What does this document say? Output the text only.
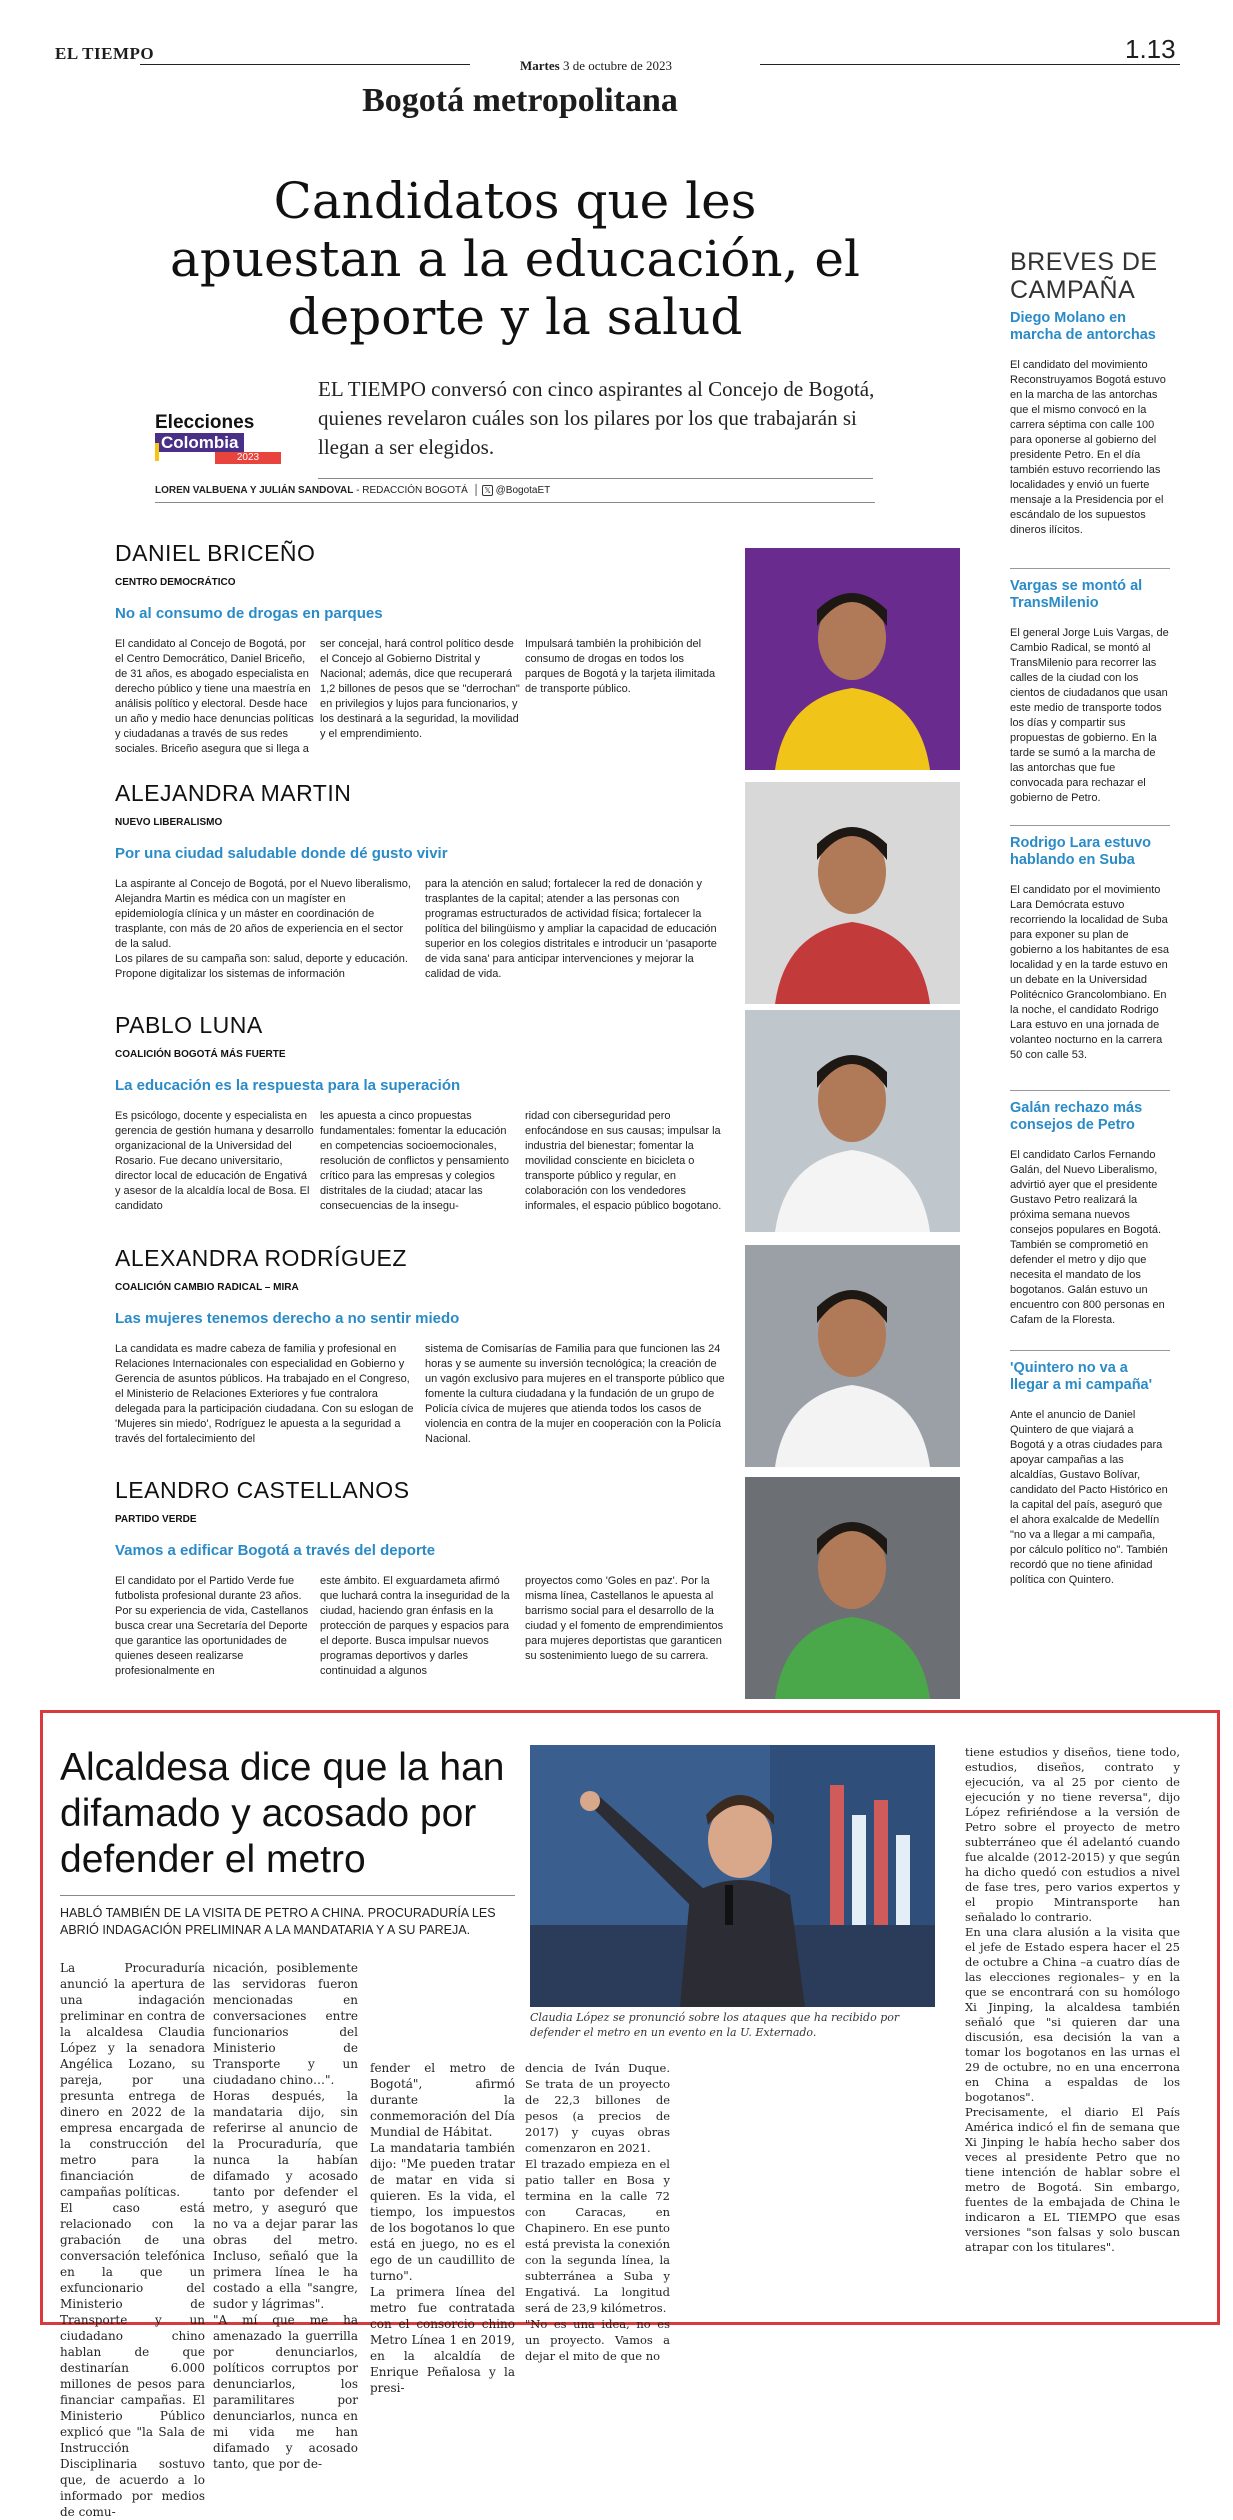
EL TIEMPO
Martes 3 de octubre de 2023
1.13
Bogotá metropolitana
Candidatos que les apuestan a la educación, el deporte y la salud
Elecciones
Colombia
2023
EL TIEMPO conversó con cinco aspirantes al Concejo de Bogotá, quienes revelaron cuáles son los pilares por los que trabajarán si llegan a ser elegidos.
LOREN VALBUENA Y JULIÁN SANDOVAL - REDACCIÓN BOGOTÁ  │ 𝕏 @BogotaET
DANIEL BRICEÑO
CENTRO DEMOCRÁTICO
No al consumo de drogas en parques
El candidato al Concejo de Bogotá, por el Centro Democrático, Daniel Briceño, de 31 años, es abogado especialista en derecho público y tiene una maestría en análisis político y electoral. Desde hace un año y medio hace denuncias políticas y ciudadanas a través de sus redes sociales. Briceño asegura que si llega a
ser concejal, hará control político desde el Concejo al Gobierno Distrital y Nacional; además, dice que recuperará 1,2 billones de pesos que se "derrochan" en privilegios y lujos para funcionarios, y los destinará a la seguridad, la movilidad y el emprendimiento.
Impulsará también la prohibición del consumo de drogas en todos los parques de Bogotá y la tarjeta ilimitada de transporte público.
ALEJANDRA MARTIN
NUEVO LIBERALISMO
Por una ciudad saludable donde dé gusto vivir
La aspirante al Concejo de Bogotá, por el Nuevo liberalismo, Alejandra Martin es médica con un magíster en epidemiología clínica y un máster en coordinación de trasplante, con más de 20 años de experiencia en el sector de la salud.
Los pilares de su campaña son: salud, deporte y educación. Propone digitalizar los sistemas de información
para la atención en salud; fortalecer la red de donación y trasplantes de la capital; atender a las personas con programas estructurados de actividad física; fortalecer la política del bilingüismo y ampliar la capacidad de educación superior en los colegios distritales e introducir un 'pasaporte de vida sana' para anticipar intervenciones y mejorar la calidad de vida.
PABLO LUNA
COALICIÓN BOGOTÁ MÁS FUERTE
La educación es la respuesta para la superación
Es psicólogo, docente y especialista en gerencia de gestión humana y desarrollo organizacional de la Universidad del Rosario. Fue decano universitario, director local de educación de Engativá y asesor de la alcaldía local de Bosa. El candidato
les apuesta a cinco propuestas fundamentales: fomentar la educación en competencias socioemocionales, resolución de conflictos y pensamiento crítico para las empresas y colegios distritales de la ciudad; atacar las consecuencias de la insegu-
ridad con ciberseguridad pero enfocándose en sus causas; impulsar la industria del bienestar; fomentar la movilidad consciente en bicicleta o transporte público y regular, en colaboración con los vendedores informales, el espacio público bogotano.
ALEXANDRA RODRÍGUEZ
COALICIÓN CAMBIO RADICAL – MIRA
Las mujeres tenemos derecho a no sentir miedo
La candidata es madre cabeza de familia y profesional en Relaciones Internacionales con especialidad en Gobierno y Gerencia de asuntos públicos. Ha trabajado en el Congreso, el Ministerio de Relaciones Exteriores y fue contralora delegada para la participación ciudadana. Con su eslogan de 'Mujeres sin miedo', Rodríguez le apuesta a la seguridad a través del fortalecimiento del
sistema de Comisarías de Familia para que funcionen las 24 horas y se aumente su inversión tecnológica; la creación de un vagón exclusivo para mujeres en el transporte público que fomente la cultura ciudadana y la fundación de un grupo de Policía cívica de mujeres que atienda todos los casos de violencia en contra de la mujer en cooperación con la Policía Nacional.
LEANDRO CASTELLANOS
PARTIDO VERDE
Vamos a edificar Bogotá a través del deporte
El candidato por el Partido Verde fue futbolista profesional durante 23 años. Por su experiencia de vida, Castellanos busca crear una Secretaría del Deporte que garantice las oportunidades de quienes deseen realizarse profesionalmente en
este ámbito. El exguardameta afirmó que luchará contra la inseguridad de la ciudad, haciendo gran énfasis en la protección de parques y espacios para el deporte. Busca impulsar nuevos programas deportivos y darles continuidad a algunos
proyectos como 'Goles en paz'. Por la misma línea, Castellanos le apuesta al barrismo social para el desarrollo de la ciudad y el fomento de emprendimientos para mujeres deportistas que garanticen su sostenimiento luego de su carrera.
BREVES DE
CAMPAÑA
Diego Molano en marcha de antorchas
El candidato del movimiento Reconstruyamos Bogotá estuvo en la marcha de las antorchas que el mismo convocó en la carrera séptima con calle 100 para oponerse al gobierno del presidente Petro. En el día también estuvo recorriendo las localidades y envió un fuerte mensaje a la Presidencia por el escándalo de los supuestos dineros ilícitos.
Vargas se montó al TransMilenio
El general Jorge Luis Vargas, de Cambio Radical, se montó al TransMilenio para recorrer las calles de la ciudad con los cientos de ciudadanos que usan este medio de transporte todos los días y compartir sus propuestas de gobierno. En la tarde se sumó a la marcha de las antorchas que fue convocada para rechazar el gobierno de Petro.
Rodrigo Lara estuvo hablando en Suba
El candidato por el movimiento Lara Demócrata estuvo recorriendo la localidad de Suba para exponer su plan de gobierno a los habitantes de esa localidad y en la tarde estuvo en un debate en la Universidad Politécnico Grancolombiano. En la noche, el candidato Rodrigo Lara estuvo en una jornada de volanteo nocturno en la carrera 50 con calle 53.
Galán rechazo más consejos de Petro
El candidato Carlos Fernando Galán, del Nuevo Liberalismo, advirtió ayer que el presidente Gustavo Petro realizará la próxima semana nuevos consejos populares en Bogotá. También se comprometió en defender el metro y dijo que necesita el mandato de los bogotanos. Galán estuvo un encuentro con 800 personas en Cafam de la Floresta.
'Quintero no va a llegar a mi campaña'
Ante el anuncio de Daniel Quintero de que viajará a Bogotá y a otras ciudades para apoyar campañas a las alcaldías, Gustavo Bolívar, candidato del Pacto Histórico en la capital del país, aseguró que el ahora exalcalde de Medellín "no va a llegar a mi campaña, por cálculo político no". También recordó que no tiene afinidad política con Quintero.
Alcaldesa dice que la han difamado y acosado por defender el metro
HABLÓ TAMBIÉN DE LA VISITA DE PETRO A CHINA. PROCURADURÍA LES ABRIÓ INDAGACIÓN PRELIMINAR A LA MANDATARIA Y A SU PAREJA.
Claudia López se pronunció sobre los ataques que ha recibido por defender el metro en un evento en la U. Externado.
La Procuraduría anunció la apertura de una indagación preliminar en contra de la alcaldesa Claudia López y la senadora Angélica Lozano, su pareja, por una presunta entrega de dinero en 2022 de la empresa encargada de la construcción del metro para la financiación de campañas políticas.
El caso está relacionado con la grabación de una conversación telefónica en la que un exfuncionario del Ministerio de Transporte y un ciudadano chino hablan de que destinarían 6.000 millones de pesos para financiar campañas. El Ministerio Público explicó que "la Sala de Instrucción Disciplinaria sostuvo que, de acuerdo a lo informado por medios de comu-
nicación, posiblemente las servidoras fueron mencionadas en conversaciones entre funcionarios del Ministerio de Transporte y un ciudadano chino…".
Horas después, la mandataria dijo, sin referirse al anuncio de la Procuraduría, que nunca la habían difamado y acosado tanto por defender el metro, y aseguró que no va a dejar parar las obras del metro. Incluso, señaló que la primera línea le ha costado a ella "sangre, sudor y lágrimas".
"A mí que me ha amenazado la guerrilla por denunciarlos, políticos corruptos por denunciarlos, los paramilitares por denunciarlos, nunca en mi vida me han difamado y acosado tanto, que por de-
fender el metro de Bogotá", afirmó durante la conmemoración del Día Mundial de Hábitat.
La mandataria también dijo: "Me pueden tratar de matar en vida si quieren. Es la vida, el tiempo, los impuestos de los bogotanos lo que está en juego, no es el ego de un caudillito de turno".
La primera línea del metro fue contratada con el consorcio chino Metro Línea 1 en 2019, en la alcaldía de Enrique Peñalosa y la presi-
dencia de Iván Duque. Se trata de un proyecto de 22,3 billones de pesos (a precios de 2017) y cuyas obras comenzaron en 2021.
El trazado empieza en el patio taller en Bosa y termina en la calle 72 con Caracas, en Chapinero. En ese punto está prevista la conexión con la segunda línea, la subterránea a Suba y Engativá. La longitud será de 23,9 kilómetros.
"No es una idea, no es un proyecto. Vamos a dejar el mito de que no
tiene estudios y diseños, tiene todo, estudios, diseños, contrato y ejecución, va al 25 por ciento de ejecución y no tiene reversa", dijo López refiriéndose a la versión de Petro sobre el proyecto de metro subterráneo que él adelantó cuando fue alcalde (2012-2015) y que según ha dicho quedó con estudios a nivel de fase tres, pero varios expertos y el propio Mintransporte han señalado lo contrario.
En una clara alusión a la visita que el jefe de Estado espera hacer el 25 de octubre a China –a cuatro días de las elecciones regionales– y en la que se encontrará con su homólogo Xi Jinping, la alcaldesa también señaló que "si quieren dar una discusión, esa decisión la van a tomar los bogotanos en las urnas el 29 de octubre, no en una encerrona en China a espaldas de los bogotanos".
Precisamente, el diario El País América indicó el fin de semana que Xi Jinping le había hecho saber dos veces al presidente Petro que no tiene intención de hablar sobre el metro de Bogotá. Sin embargo, fuentes de la embajada de China le indicaron a EL TIEMPO que esas versiones "son falsas y solo buscan atrapar con los titulares".
